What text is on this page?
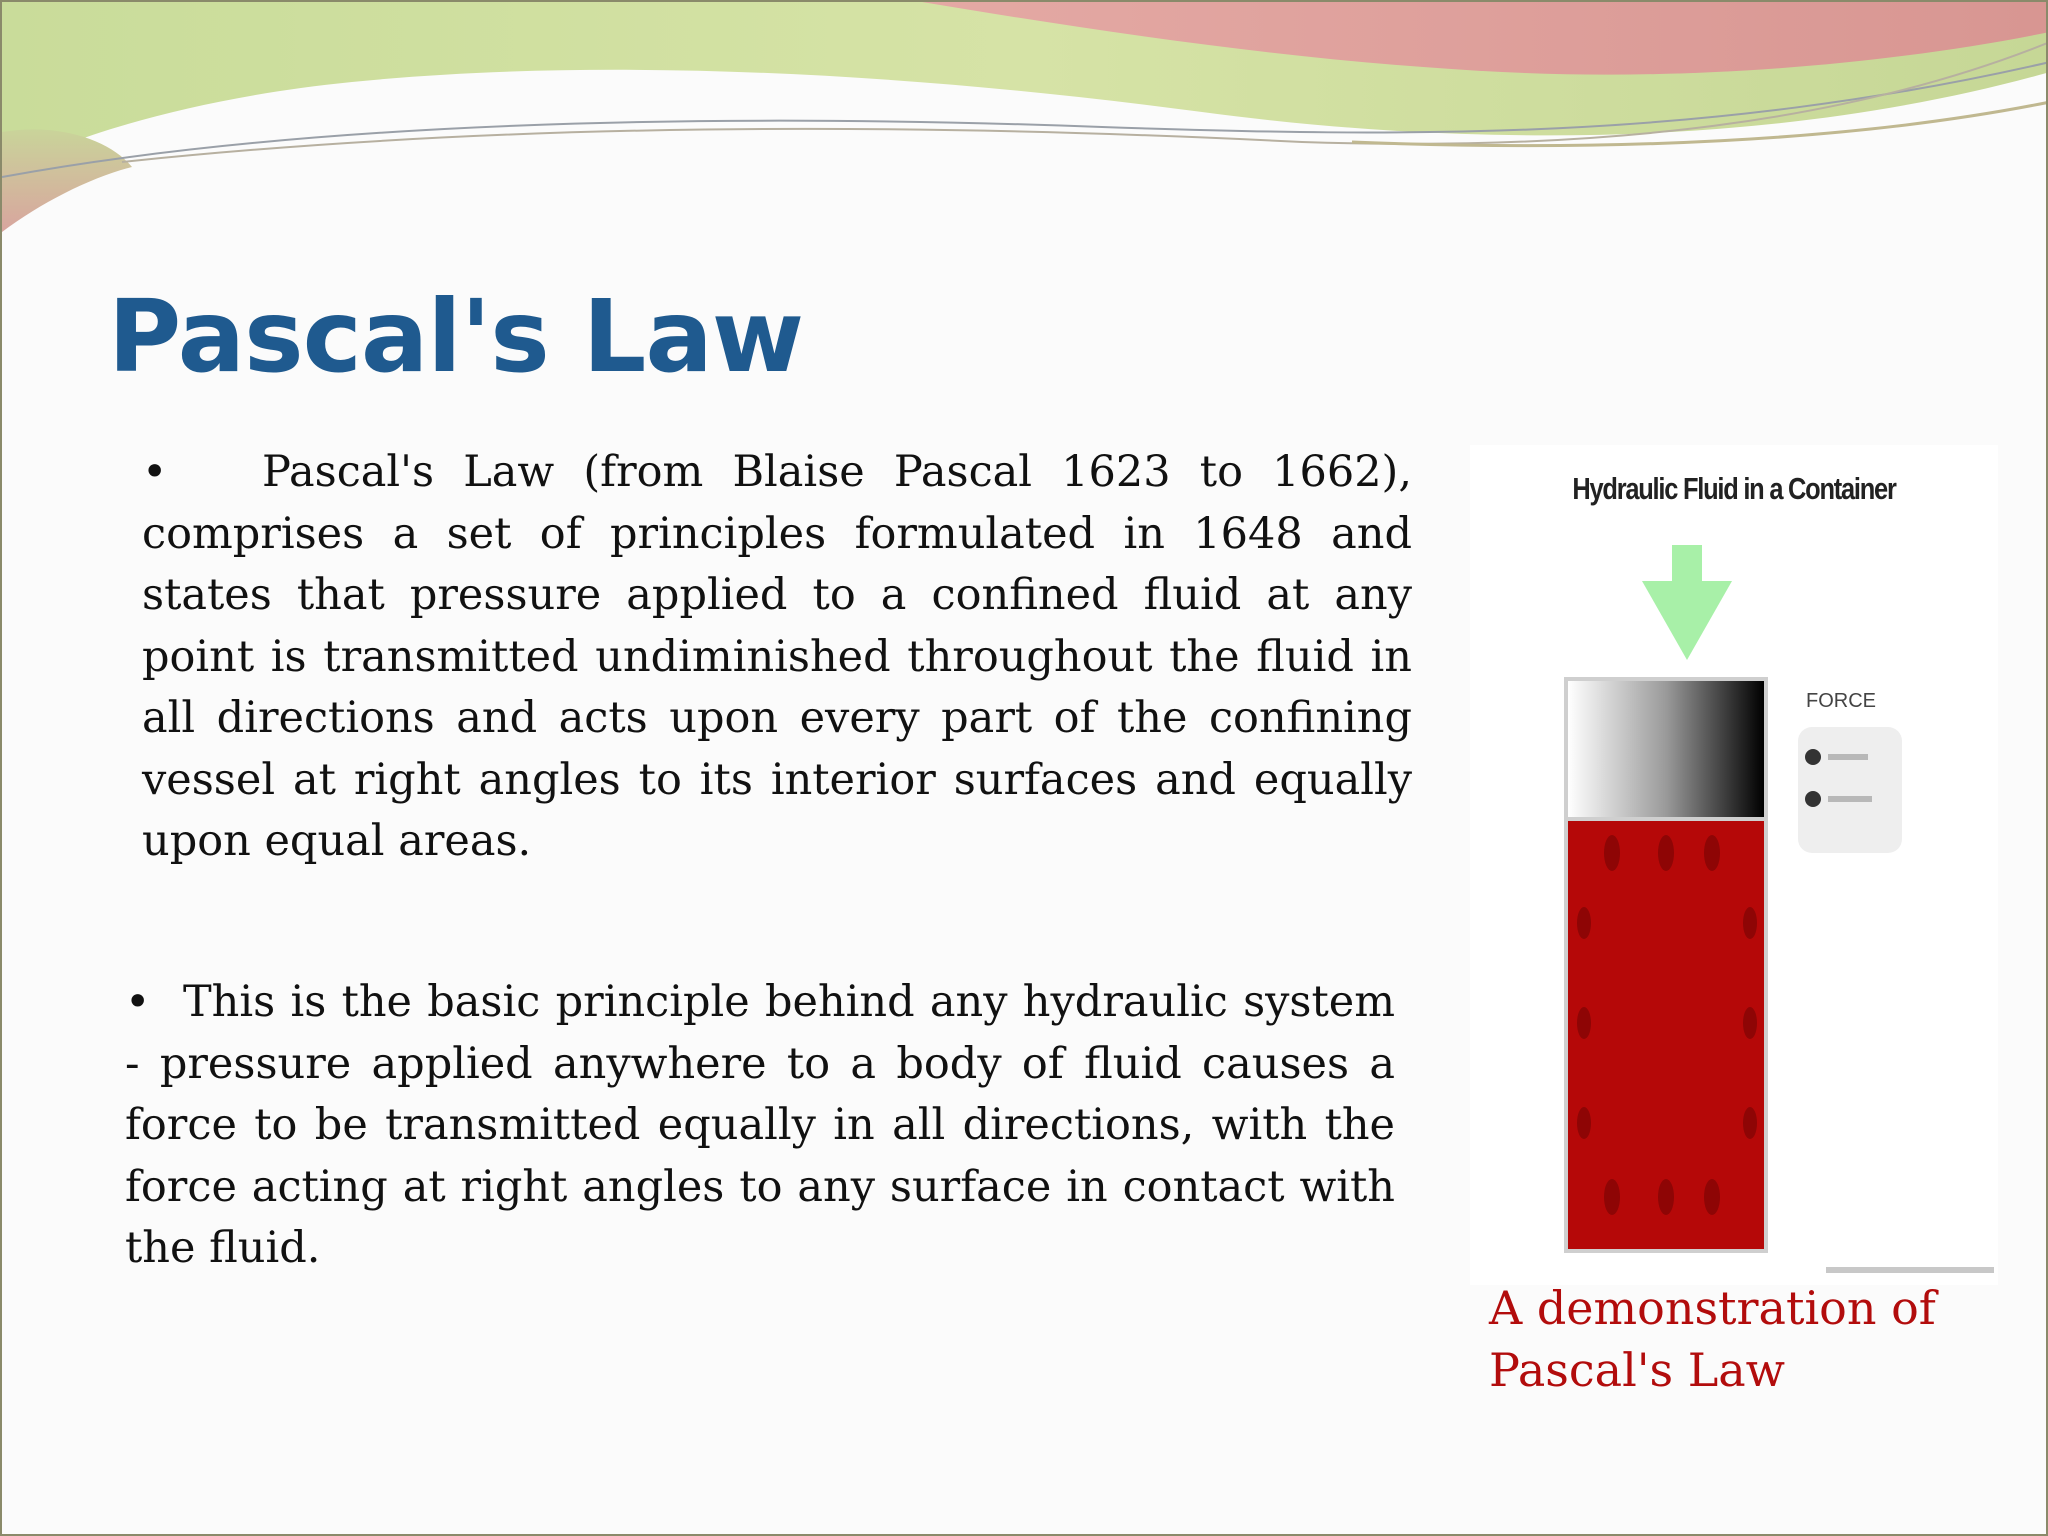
Pascal's Law

• Pascal's Law (from Blaise Pascal 1623 to 1662), comprises a set of principles formulated in 1648 and states that pressure applied to a confined fluid at any point is transmitted undiminished throughout the fluid in all directions and acts upon every part of the confining vessel at right angles to its interior surfaces and equally upon equal areas.

• This is the basic principle behind any hydraulic system - pressure applied anywhere to a body of fluid causes a force to be transmitted equally in all directions, with the force acting at right angles to any surface in contact with the fluid.

FORCE
Hydraulic Fluid in a Container

A demonstration of Pascal's Law
